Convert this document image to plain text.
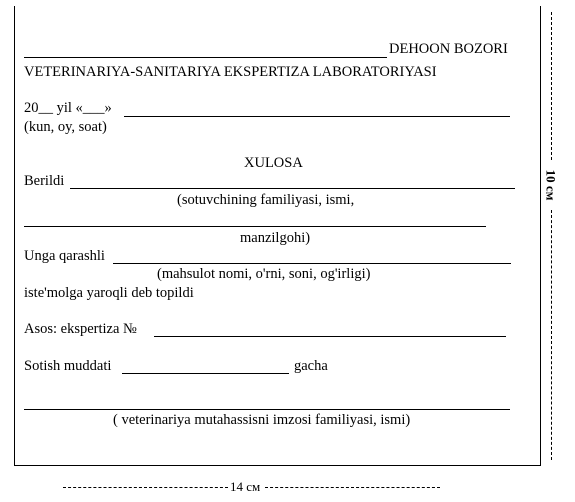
10 см
14 см
DEHOON BOZORI
VETERINARIYA-SANITARIYA EKSPERTIZA LABORATORIYASI
20__ yil «___»
(kun, oy, soat)
XULOSA
Berildi
(sotuvchining familiyasi, ismi,
manzilgohi)
Unga qarashli
(mahsulot nomi, o'rni, soni, og'irligi)
iste'molga yaroqli deb topildi
Asos: ekspertiza №
Sotish muddati	gacha
( veterinariya mutahassisni imzosi familiyasi, ismi)
